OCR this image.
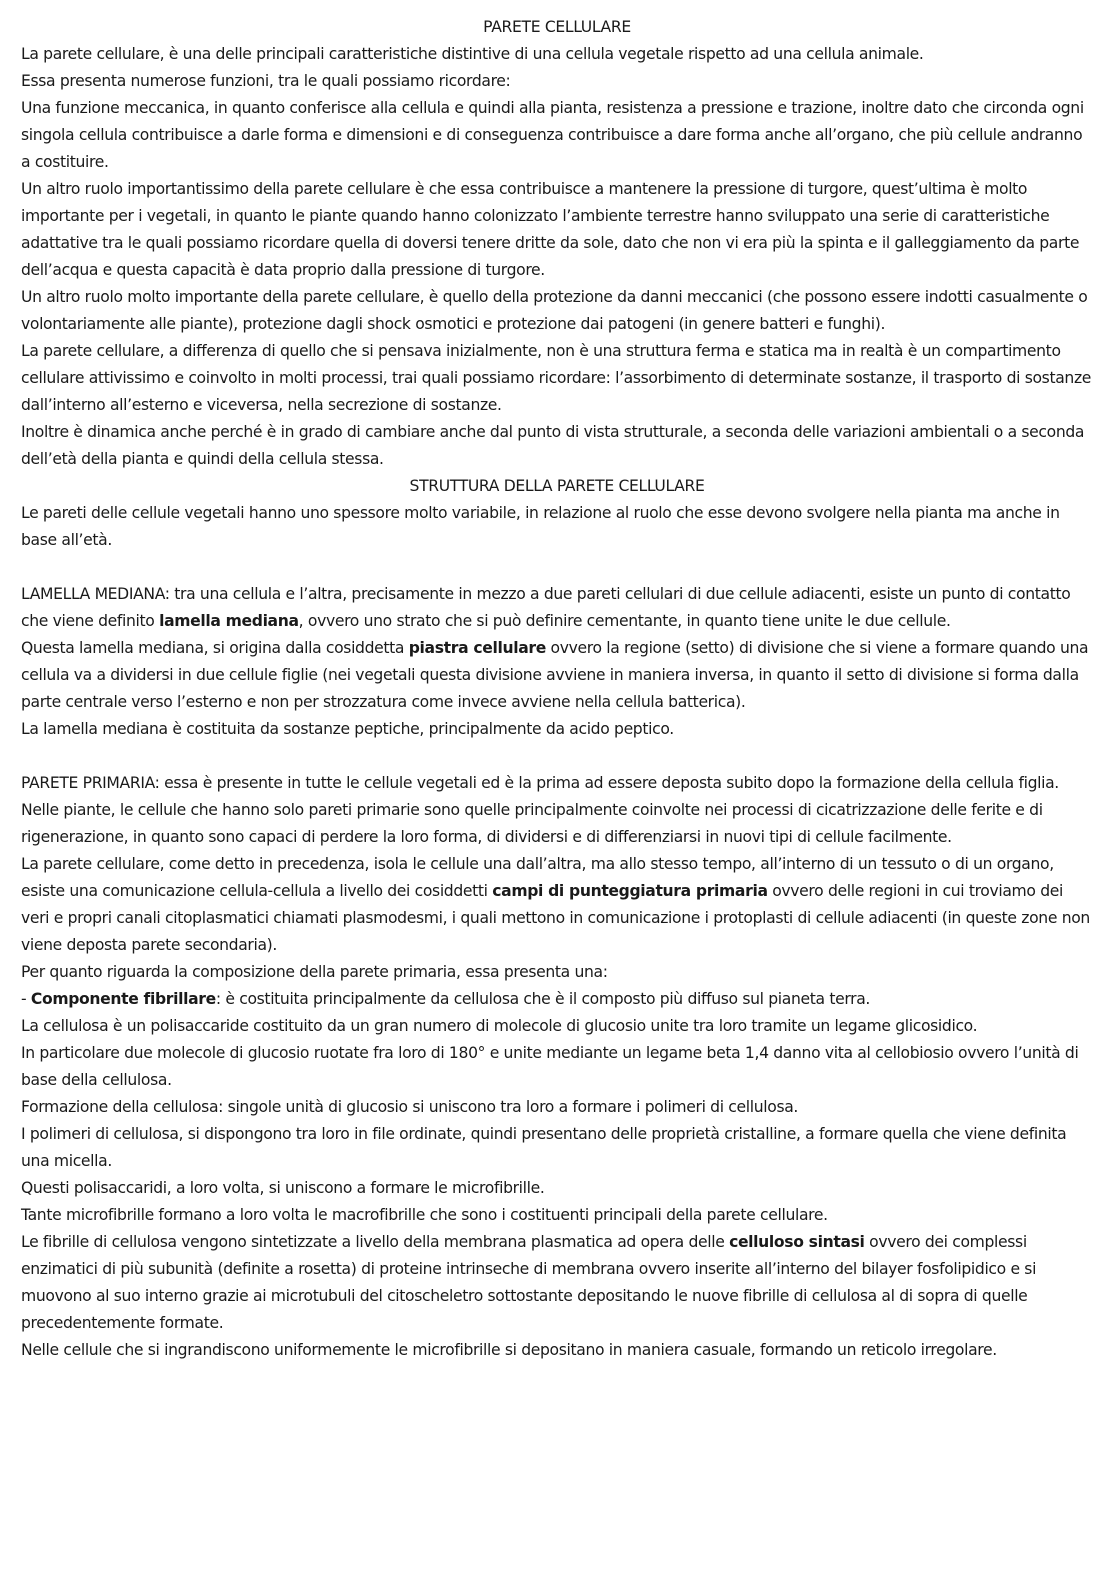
PARETE CELLULARE

La parete cellulare, è una delle principali caratteristiche distintive di una cellula vegetale rispetto ad una cellula animale.

Essa presenta numerose funzioni, tra le quali possiamo ricordare:

Una funzione meccanica, in quanto conferisce alla cellula e quindi alla pianta, resistenza a pressione e trazione, inoltre dato che circonda ogni singola cellula contribuisce a darle forma e dimensioni e di conseguenza contribuisce a dare forma anche all’organo, che più cellule andranno a costituire.

Un altro ruolo importantissimo della parete cellulare è che essa contribuisce a mantenere la pressione di turgore, quest’ultima è molto importante per i vegetali, in quanto le piante quando hanno colonizzato l’ambiente terrestre hanno sviluppato una serie di caratteristiche adattative tra le quali possiamo ricordare quella di doversi tenere dritte da sole, dato che non vi era più la spinta e il galleggiamento da parte dell’acqua e questa capacità è data proprio dalla pressione di turgore.

Un altro ruolo molto importante della parete cellulare, è quello della protezione da danni meccanici (che possono essere indotti casualmente o volontariamente alle piante), protezione dagli shock osmotici e protezione dai patogeni (in genere batteri e funghi).

La parete cellulare, a differenza di quello che si pensava inizialmente, non è una struttura ferma e statica ma in realtà è un compartimento cellulare attivissimo e coinvolto in molti processi, trai quali possiamo ricordare: l’assorbimento di determinate sostanze, il trasporto di sostanze dall’interno all’esterno e viceversa, nella secrezione di sostanze.

Inoltre è dinamica anche perché è in grado di cambiare anche dal punto di vista strutturale, a seconda delle variazioni ambientali o a seconda dell’età della pianta e quindi della cellula stessa.

STRUTTURA DELLA PARETE CELLULARE

Le pareti delle cellule vegetali hanno uno spessore molto variabile, in relazione al ruolo che esse devono svolgere nella pianta ma anche in base all’età.

LAMELLA MEDIANA: tra una cellula e l’altra, precisamente in mezzo a due pareti cellulari di due cellule adiacenti, esiste un punto di contatto che viene definito lamella mediana, ovvero uno strato che si può definire cementante, in quanto tiene unite le due cellule.

Questa lamella mediana, si origina dalla cosiddetta piastra cellulare ovvero la regione (setto) di divisione che si viene a formare quando una cellula va a dividersi in due cellule figlie (nei vegetali questa divisione avviene in maniera inversa, in quanto il setto di divisione si forma dalla parte centrale verso l’esterno e non per strozzatura come invece avviene nella cellula batterica).

La lamella mediana è costituita da sostanze peptiche, principalmente da acido peptico.

PARETE PRIMARIA: essa è presente in tutte le cellule vegetali ed è la prima ad essere deposta subito dopo la formazione della cellula figlia.

Nelle piante, le cellule che hanno solo pareti primarie sono quelle principalmente coinvolte nei processi di cicatrizzazione delle ferite e di rigenerazione, in quanto sono capaci di perdere la loro forma, di dividersi e di differenziarsi in nuovi tipi di cellule facilmente.

La parete cellulare, come detto in precedenza, isola le cellule una dall’altra, ma allo stesso tempo, all’interno di un tessuto o di un organo, esiste una comunicazione cellula-cellula a livello dei cosiddetti campi di punteggiatura primaria ovvero delle regioni in cui troviamo dei veri e propri canali citoplasmatici chiamati plasmodesmi, i quali mettono in comunicazione i protoplasti di cellule adiacenti (in queste zone non viene deposta parete secondaria).

Per quanto riguarda la composizione della parete primaria, essa presenta una:

- Componente fibrillare: è costituita principalmente da cellulosa che è il composto più diffuso sul pianeta terra.

La cellulosa è un polisaccaride costituito da un gran numero di molecole di glucosio unite tra loro tramite un legame glicosidico.

In particolare due molecole di glucosio ruotate fra loro di 180° e unite mediante un legame beta 1,4 danno vita al cellobiosio ovvero l’unità di base della cellulosa.

Formazione della cellulosa: singole unità di glucosio si uniscono tra loro a formare i polimeri di cellulosa.

I polimeri di cellulosa, si dispongono tra loro in file ordinate, quindi presentano delle proprietà cristalline, a formare quella che viene definita una micella.

Questi polisaccaridi, a loro volta, si uniscono a formare le microfibrille.

Tante microfibrille formano a loro volta le macrofibrille che sono i costituenti principali della parete cellulare.

Le fibrille di cellulosa vengono sintetizzate a livello della membrana plasmatica ad opera delle celluloso sintasi ovvero dei complessi enzimatici di più subunità (definite a rosetta) di proteine intrinseche di membrana ovvero inserite all’interno del bilayer fosfolipidico e si muovono al suo interno grazie ai microtubuli del citoscheletro sottostante depositando le nuove fibrille di cellulosa al di sopra di quelle precedentemente formate.

Nelle cellule che si ingrandiscono uniformemente le microfibrille si depositano in maniera casuale, formando un reticolo irregolare.
